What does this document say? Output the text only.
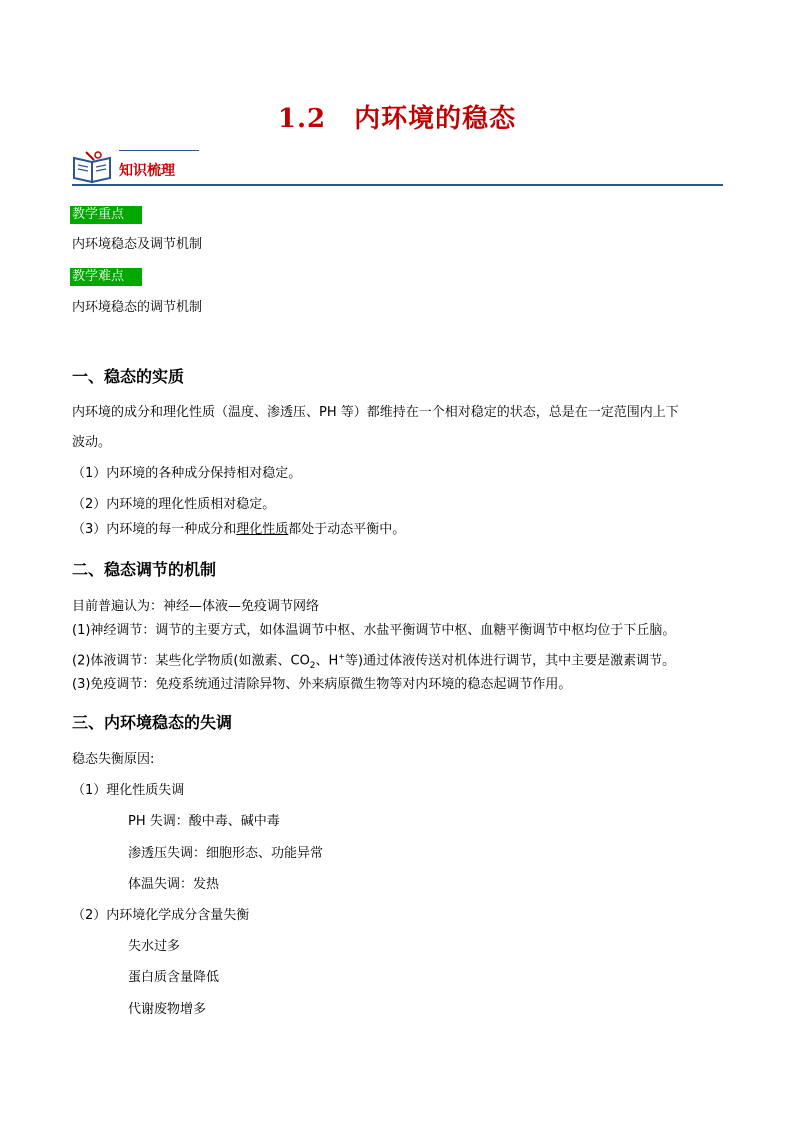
1.2 内环境的稳态
知识梳理
教学重点
内环境稳态及调节机制
教学难点
内环境稳态的调节机制
一、稳态的实质
内环境的成分和理化性质（温度、渗透压、PH 等）都维持在一个相对稳定的状态，总是在一定范围内上下
波动。
（1）内环境的各种成分保持相对稳定。
（2）内环境的理化性质相对稳定。
（3）内环境的每一种成分和理化性质都处于动态平衡中。
二、稳态调节的机制
目前普遍认为：神经—体液—免疫调节网络
(1)神经调节：调节的主要方式，如体温调节中枢、水盐平衡调节中枢、血糖平衡调节中枢均位于下丘脑。
(2)体液调节：某些化学物质(如激素、$CO_2$、H+等)通过体液传送对机体进行调节，其中主要是激素调节。
(3)免疫调节：免疫系统通过清除异物、外来病原微生物等对内环境的稳态起调节作用。
三、内环境稳态的失调
稳态失衡原因:
（1）理化性质失调
PH 失调：酸中毒、碱中毒
渗透压失调：细胞形态、功能异常
体温失调：发热
（2）内环境化学成分含量失衡
失水过多
蛋白质含量降低
代谢废物增多
